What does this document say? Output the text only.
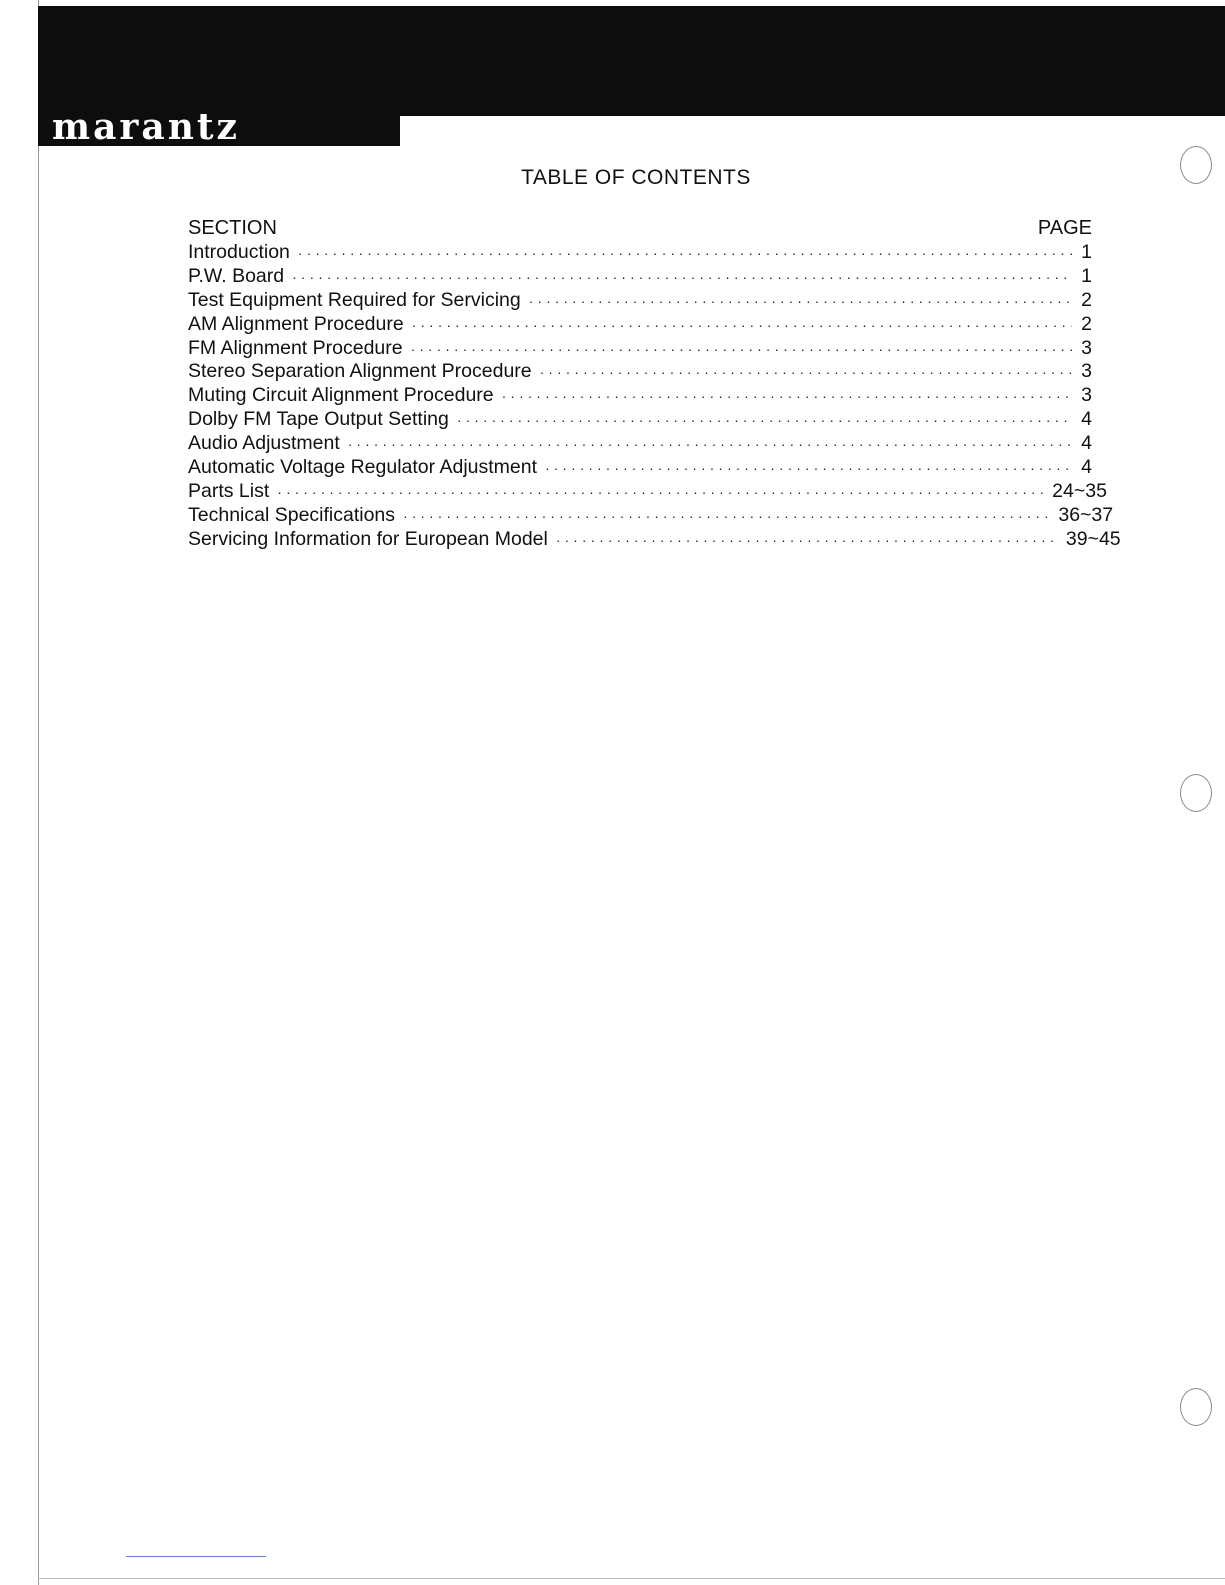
marantz
TABLE OF CONTENTS
SECTION	PAGE
Introduction ·····	1
P.W. Board ·····	1
Test Equipment Required for Servicing ·····	2
AM Alignment Procedure ·····	2
FM Alignment Procedure ·····	3
Stereo Separation Alignment Procedure ·····	3
Muting Circuit Alignment Procedure ·····	3
Dolby FM Tape Output Setting ·····	4
Audio Adjustment ·····	4
Automatic Voltage Regulator Adjustment ·····	4
Parts List ·····	24~35
Technical Specifications ·····	36~37
Servicing Information for European Model ·····	39~45
